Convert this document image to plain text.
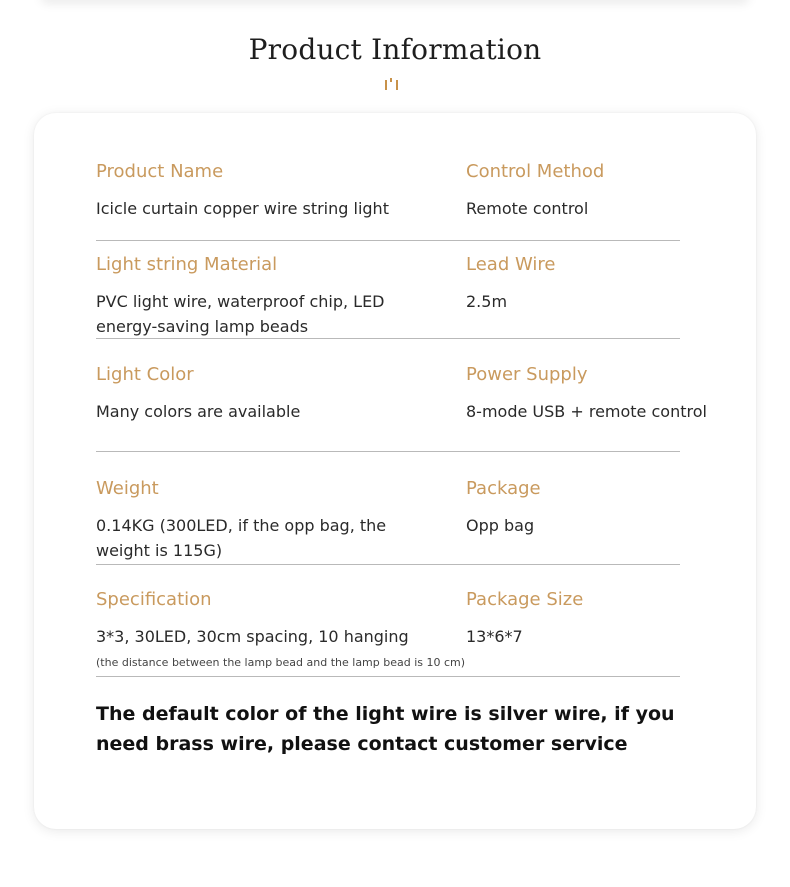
Product Information
Product Name
Icicle curtain copper wire string light
Control Method
Remote control
Light string Material
PVC light wire, waterproof chip, LED
energy-saving lamp beads
Lead Wire
2.5m
Light Color
Many colors are available
Power Supply
8-mode USB + remote control
Weight
0.14KG (300LED, if the opp bag, the
weight is 115G)
Package
Opp bag
Specification
3*3, 30LED, 30cm spacing, 10 hanging
(the distance between the lamp bead and the lamp bead is 10 cm)
Package Size
13*6*7
The default color of the light wire is silver wire, if you
need brass wire, please contact customer service
